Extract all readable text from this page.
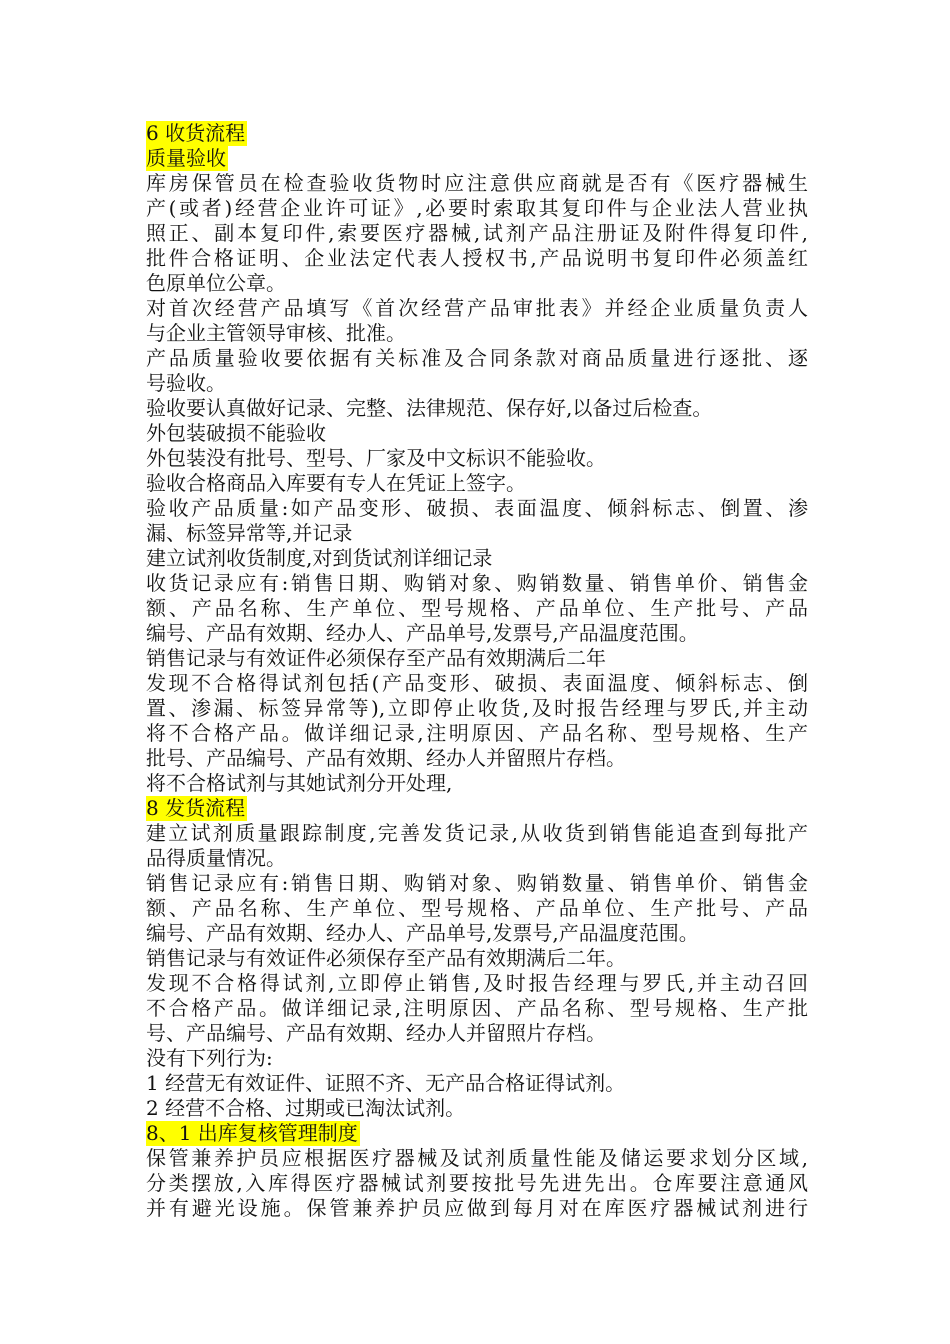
6 收货流程
质量验收
库房保管员在检查验收货物时应注意供应商就是否有《医疗器械生
产(或者)经营企业许可证》,必要时索取其复印件与企业法人营业执
照正、副本复印件,索要医疗器械,试剂产品注册证及附件得复印件,
批件合格证明、企业法定代表人授权书,产品说明书复印件必须盖红
色原单位公章。
对首次经营产品填写《首次经营产品审批表》并经企业质量负责人
与企业主管领导审核、批准。
产品质量验收要依据有关标准及合同条款对商品质量进行逐批、逐
号验收。
验收要认真做好记录、完整、法律规范、保存好,以备过后检查。
外包装破损不能验收
外包装没有批号、型号、厂家及中文标识不能验收。
验收合格商品入库要有专人在凭证上签字。
验收产品质量:如产品变形、破损、表面温度、倾斜标志、倒置、渗
漏、标签异常等,并记录
建立试剂收货制度,对到货试剂详细记录
收货记录应有:销售日期、购销对象、购销数量、销售单价、销售金
额、产品名称、生产单位、型号规格、产品单位、生产批号、产品
编号、产品有效期、经办人、产品单号,发票号,产品温度范围。
销售记录与有效证件必须保存至产品有效期满后二年
发现不合格得试剂包括(产品变形、破损、表面温度、倾斜标志、倒
置、渗漏、标签异常等),立即停止收货,及时报告经理与罗氏,并主动
将不合格产品。做详细记录,注明原因、产品名称、型号规格、生产
批号、产品编号、产品有效期、经办人并留照片存档。
将不合格试剂与其她试剂分开处理,
8 发货流程
建立试剂质量跟踪制度,完善发货记录,从收货到销售能追查到每批产
品得质量情况。
销售记录应有:销售日期、购销对象、购销数量、销售单价、销售金
额、产品名称、生产单位、型号规格、产品单位、生产批号、产品
编号、产品有效期、经办人、产品单号,发票号,产品温度范围。
销售记录与有效证件必须保存至产品有效期满后二年。
发现不合格得试剂,立即停止销售,及时报告经理与罗氏,并主动召回
不合格产品。做详细记录,注明原因、产品名称、型号规格、生产批
号、产品编号、产品有效期、经办人并留照片存档。
没有下列行为:
1 经营无有效证件、证照不齐、无产品合格证得试剂。
2 经营不合格、过期或已淘汰试剂。
8、1 出库复核管理制度
保管兼养护员应根据医疗器械及试剂质量性能及储运要求划分区域,
分类摆放,入库得医疗器械试剂要按批号先进先出。仓库要注意通风
并有避光设施。保管兼养护员应做到每月对在库医疗器械试剂进行
